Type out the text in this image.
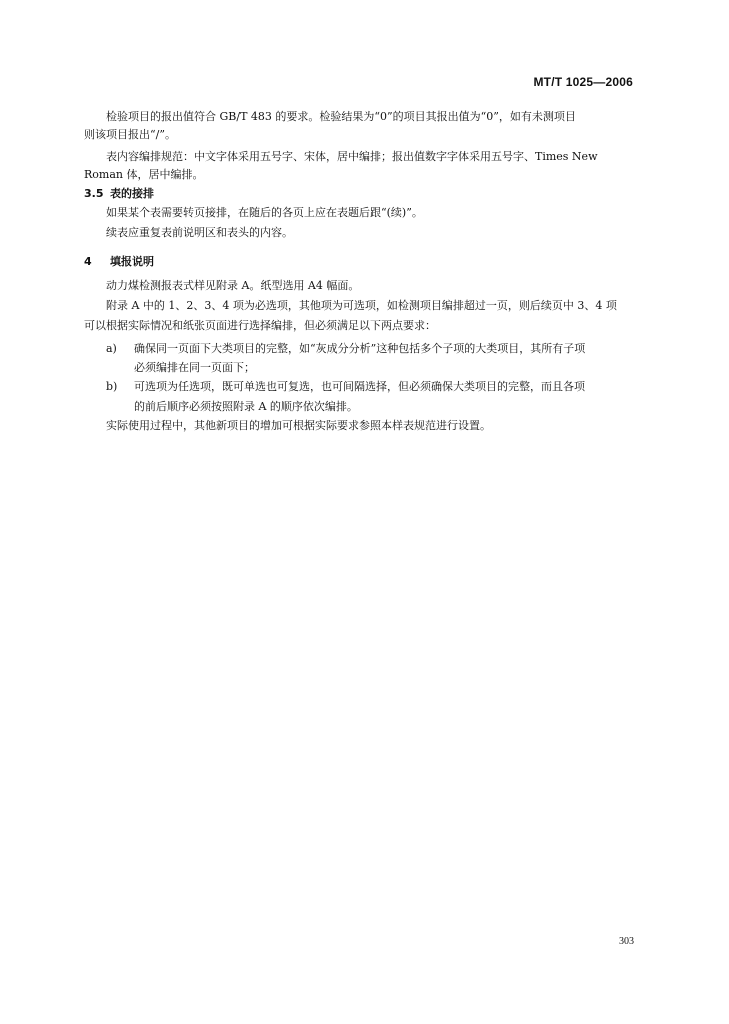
MT/T 1025—2006
检验项目的报出值符合 GB/T 483 的要求。检验结果为“0”的项目其报出值为“0”，如有未测项目
则该项目报出“/”。
表内容编排规范：中文字体采用五号字、宋体，居中编排；报出值数字字体采用五号字、Times New
Roman 体，居中编排。
3.5 表的接排
如果某个表需要转页接排，在随后的各页上应在表题后跟“(续)”。
续表应重复表前说明区和表头的内容。
4 填报说明
动力煤检测报表式样见附录 A。纸型选用 A4 幅面。
附录 A 中的 1、2、3、4 项为必选项，其他项为可选项，如检测项目编排超过一页，则后续页中 3、4 项
可以根据实际情况和纸张页面进行选择编排，但必须满足以下两点要求：
a) 确保同一页面下大类项目的完整，如“灰成分分析”这种包括多个子项的大类项目，其所有子项
必须编排在同一页面下；
b) 可选项为任选项，既可单选也可复选，也可间隔选择，但必须确保大类项目的完整，而且各项
的前后顺序必须按照附录 A 的顺序依次编排。
实际使用过程中，其他新项目的增加可根据实际要求参照本样表规范进行设置。
303
